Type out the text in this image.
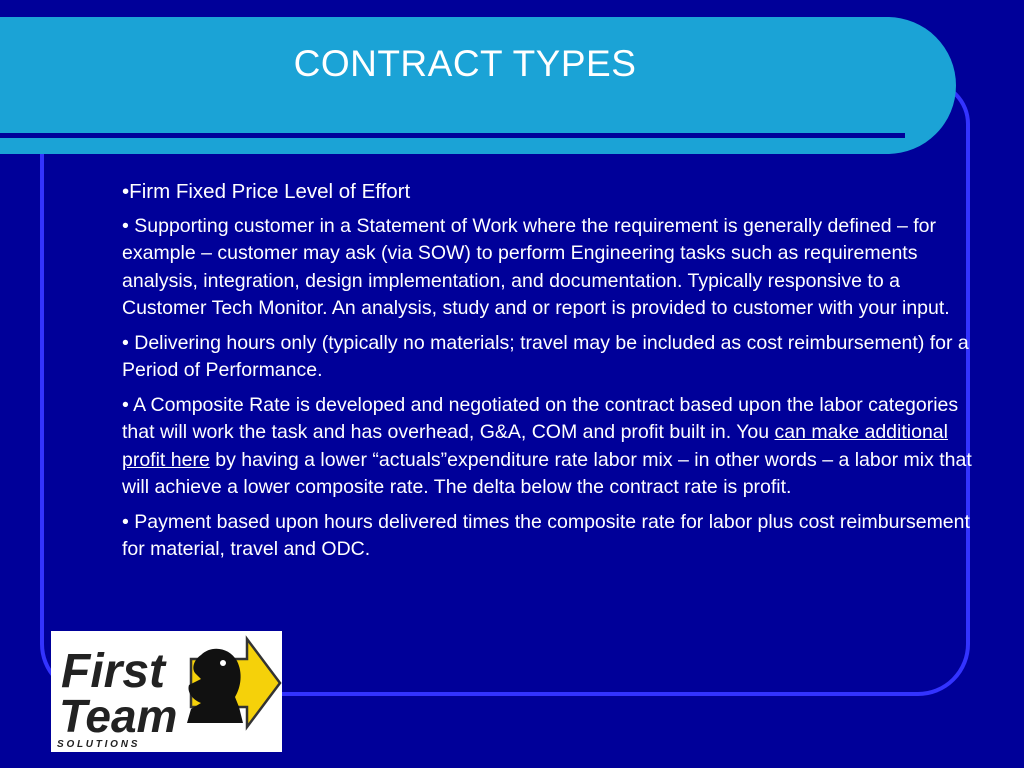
CONTRACT TYPES
•Firm Fixed Price Level of Effort
• Supporting customer in a Statement of Work where the requirement is generally defined – for example – customer may ask (via SOW) to perform Engineering tasks such as requirements analysis, integration, design implementation, and documentation. Typically responsive to a Customer Tech Monitor. An analysis, study and or report is provided to customer with your input.
• Delivering hours only (typically no materials; travel may be included as cost reimbursement) for a Period of Performance.
• A Composite Rate is developed and negotiated on the contract based upon the labor categories that will work the task and has overhead, G&A, COM and profit built in. You can make additional profit here by having a lower “actuals”expenditure rate labor mix – in other words – a labor mix that will achieve a lower composite rate. The delta below the contract rate is profit.
• Payment based upon hours delivered times the composite rate for labor plus cost reimbursement for material, travel and ODC.
First
Team
S O L U T I O N S
